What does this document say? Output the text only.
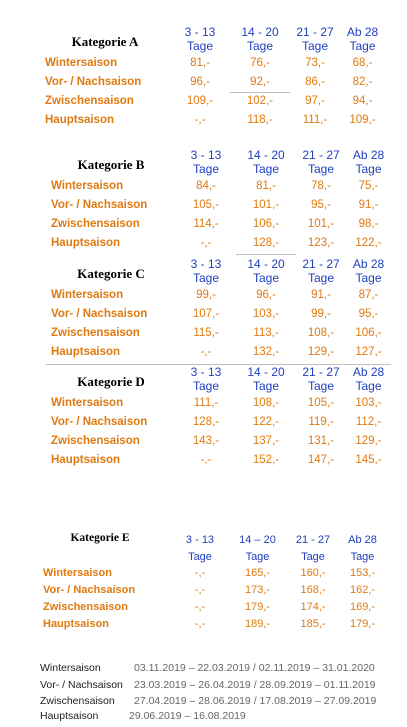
Kategorie A
3 - 13
Tage
14 - 20
Tage
21 - 27
Tage
Ab 28
Tage
Wintersaison	81,-	76,-	73,-	68,-
Vor- / Nachsaison	96,-	92,-	86,-	82,-
Zwischensaison	109,-	102,-	97,-	94,-
Hauptsaison	-,-	118,-	111,-	109,-
Kategorie B
3 - 13
Tage
14 - 20
Tage
21 - 27
Tage
Ab 28
Tage
Wintersaison	84,-	81,-	78,-	75,-
Vor- / Nachsaison	105,-	101,-	95,-	91,-
Zwischensaison	114,-	106,-	101,-	98,-
Hauptsaison	-,-	128,-	123,-	122,-
Kategorie C
3 - 13
Tage
14 - 20
Tage
21 - 27
Tage
Ab 28
Tage
Wintersaison	99,-	96,-	91,-	87,-
Vor- / Nachsaison	107,-	103,-	99,-	95,-
Zwischensaison	115,-	113,-	108,-	106,-
Hauptsaison	-,-	132,-	129,-	127,-
Kategorie D
3 - 13
Tage
14 - 20
Tage
21 - 27
Tage
Ab 28
Tage
Wintersaison	111,-	108,-	105,-	103,-
Vor- / Nachsaison	128,-	122,-	119,-	112,-
Zwischensaison	143,-	137,-	131,-	129,-
Hauptsaison	-,-	152,-	147,-	145,-
Kategorie E	3 - 13
Tage
14 – 20
Tage
21 - 27
Tage
Ab 28
Tage
Wintersaison	-,-	165,-	160,-	153,-
Vor- / Nachsaison	-,-	173,-	168,-	162,-
Zwischensaison	-,-	179,-	174,-	169,-
Hauptsaison	-,-	189,-	185,-	179,-
Wintersaison	03.11.2019 – 22.03.2019 / 02.11.2019 – 31.01.2020
Vor- / Nachsaison 23.03.2019 – 26.04.2019 / 28.09.2019 – 01.11.2019
Zwischensaison 27.04.2019 – 28.06.2019 / 17.08.2019 – 27.09.2019
Hauptsaison	29.06.2019 – 16.08.2019
